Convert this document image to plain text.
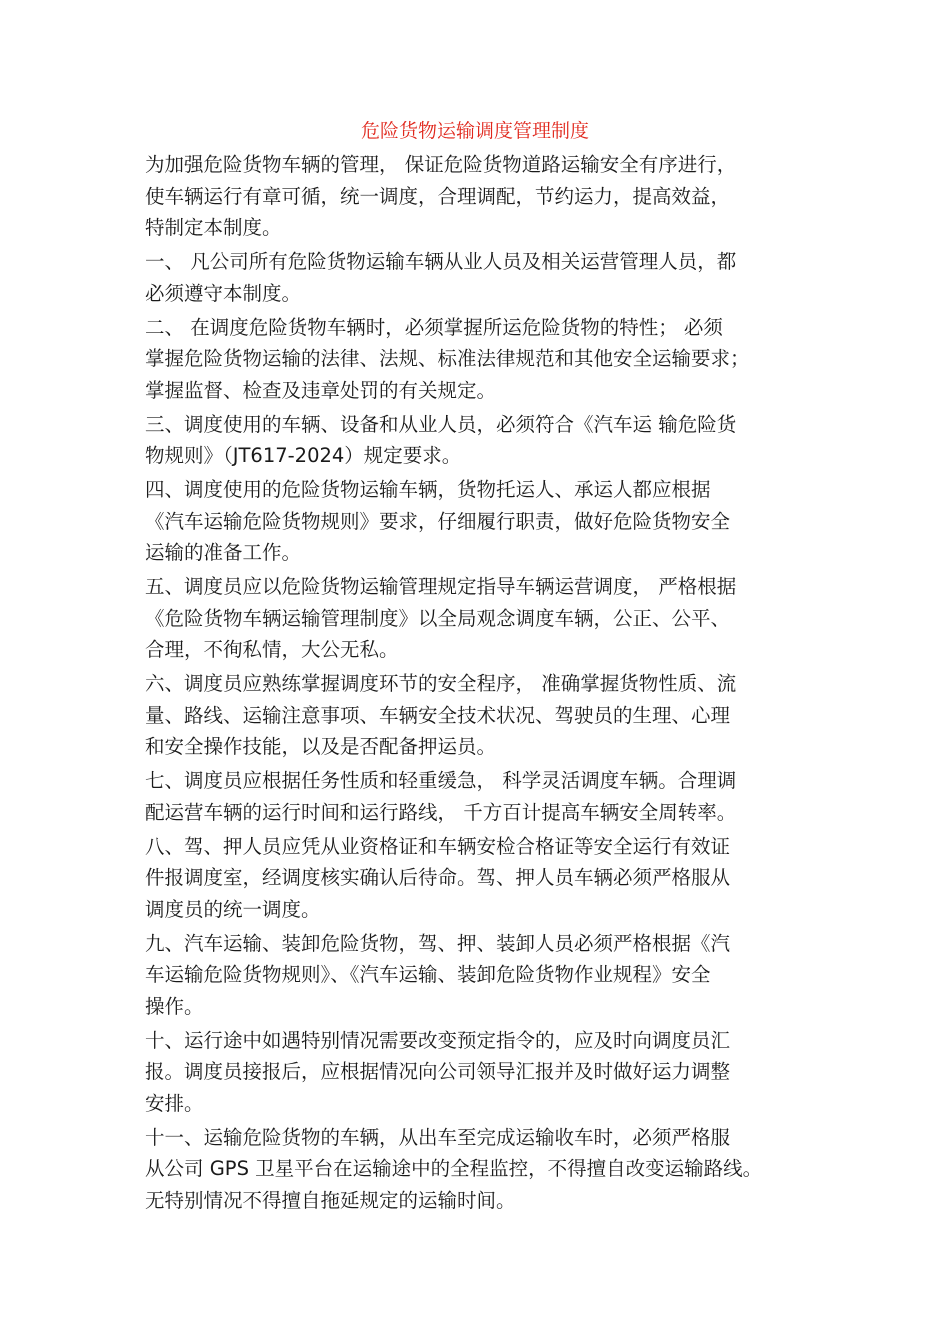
危险货物运输调度管理制度

为加强危险货物车辆的管理， 保证危险货物道路运输安全有序进行，
使车辆运行有章可循，统一调度，合理调配，节约运力，提高效益，
特制定本制度。

一、 凡公司所有危险货物运输车辆从业人员及相关运营管理人员，都
必须遵守本制度。

二、 在调度危险货物车辆时，必须掌握所运危险货物的特性； 必须
掌握危险货物运输的法律、法规、标准法律规范和其他安全运输要求；
掌握监督、检查及违章处罚的有关规定。

三、调度使用的车辆、设备和从业人员，必须符合《汽车运 输危险货
物规则》（JT617-2024）规定要求。

四、调度使用的危险货物运输车辆，货物托运人、承运人都应根据
《汽车运输危险货物规则》要求，仔细履行职责，做好危险货物安全
运输的准备工作。

五、调度员应以危险货物运输管理规定指导车辆运营调度， 严格根据
《危险货物车辆运输管理制度》以全局观念调度车辆，公正、公平、
合理，不徇私情，大公无私。

六、调度员应熟练掌握调度环节的安全程序， 准确掌握货物性质、流
量、路线、运输注意事项、车辆安全技术状况、驾驶员的生理、心理
和安全操作技能，以及是否配备押运员。

七、调度员应根据任务性质和轻重缓急， 科学灵活调度车辆。合理调
配运营车辆的运行时间和运行路线， 千方百计提高车辆安全周转率。

八、驾、押人员应凭从业资格证和车辆安检合格证等安全运行有效证
件报调度室，经调度核实确认后待命。驾、押人员车辆必须严格服从
调度员的统一调度。

九、汽车运输、装卸危险货物，驾、押、装卸人员必须严格根据《汽
车运输危险货物规则》、《汽车运输、装卸危险货物作业规程》安全
操作。

十、运行途中如遇特别情况需要改变预定指令的，应及时向调度员汇
报。调度员接报后，应根据情况向公司领导汇报并及时做好运力调整
安排。

十一、运输危险货物的车辆，从出车至完成运输收车时，必须严格服
从公司 GPS 卫星平台在运输途中的全程监控，不得擅自改变运输路线。
无特别情况不得擅自拖延规定的运输时间。
